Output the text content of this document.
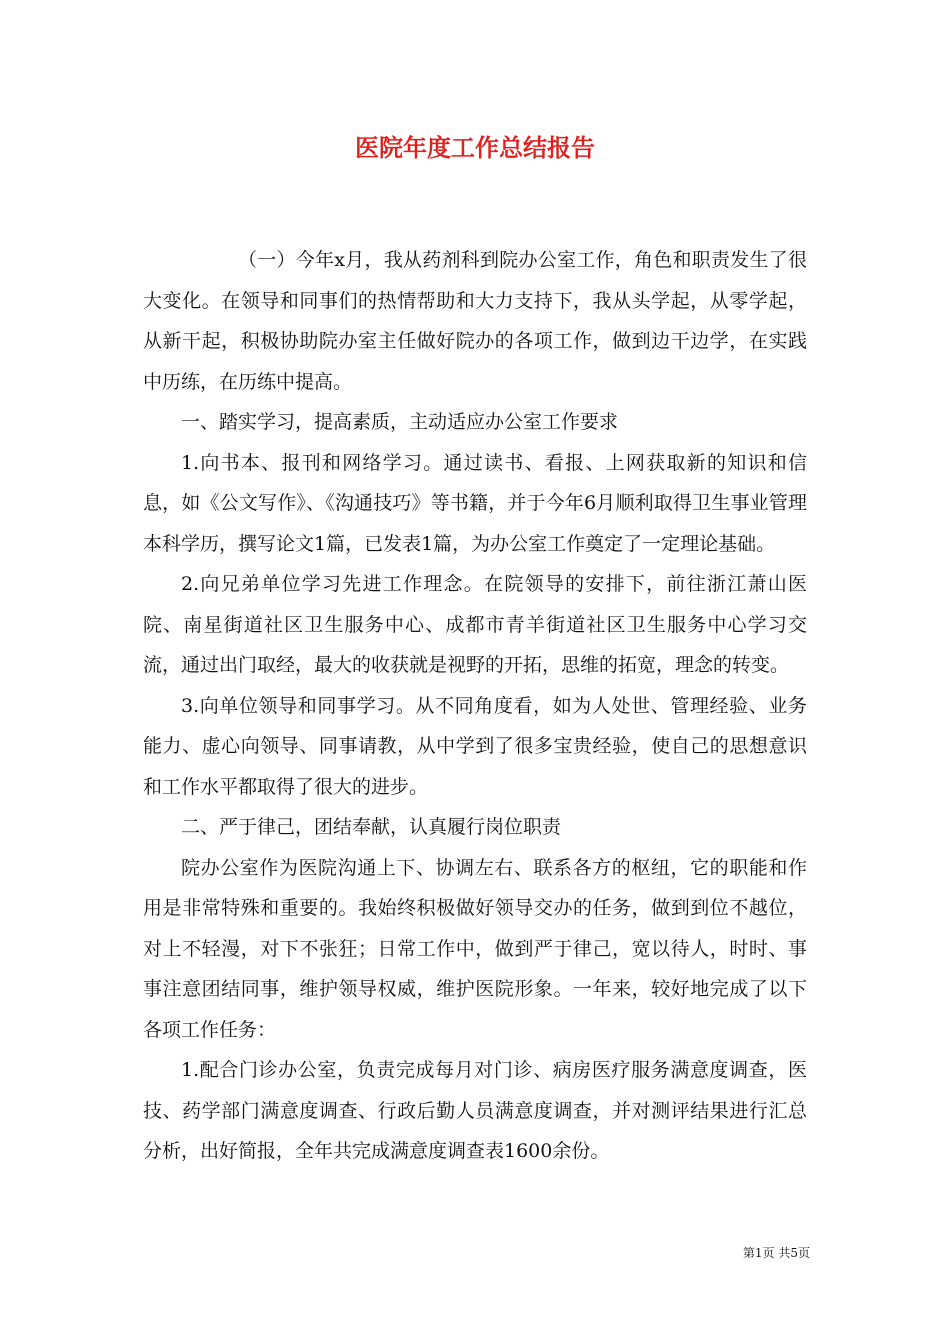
医院年度工作总结报告

（一）今年x月，我从药剂科到院办公室工作，角色和职责发生了很大变化。在领导和同事们的热情帮助和大力支持下，我从头学起，从零学起，从新干起，积极协助院办室主任做好院办的各项工作，做到边干边学，在实践中历练，在历练中提高。

一、踏实学习，提高素质，主动适应办公室工作要求

1.向书本、报刊和网络学习。通过读书、看报、上网获取新的知识和信息，如《公文写作》、《沟通技巧》等书籍，并于今年6月顺利取得卫生事业管理本科学历，撰写论文1篇，已发表1篇，为办公室工作奠定了一定理论基础。

2.向兄弟单位学习先进工作理念。在院领导的安排下，前往浙江萧山医院、南星街道社区卫生服务中心、成都市青羊街道社区卫生服务中心学习交流，通过出门取经，最大的收获就是视野的开拓，思维的拓宽，理念的转变。

3.向单位领导和同事学习。从不同角度看，如为人处世、管理经验、业务能力、虚心向领导、同事请教，从中学到了很多宝贵经验，使自己的思想意识和工作水平都取得了很大的进步。

二、严于律己，团结奉献，认真履行岗位职责

院办公室作为医院沟通上下、协调左右、联系各方的枢纽，它的职能和作用是非常特殊和重要的。我始终积极做好领导交办的任务，做到到位不越位，对上不轻漫，对下不张狂；日常工作中，做到严于律己，宽以待人，时时、事事注意团结同事，维护领导权威，维护医院形象。一年来，较好地完成了以下各项工作任务：

1.配合门诊办公室，负责完成每月对门诊、病房医疗服务满意度调查，医技、药学部门满意度调查、行政后勤人员满意度调查，并对测评结果进行汇总分析，出好简报，全年共完成满意度调查表1600余份。

第1页 共5页
